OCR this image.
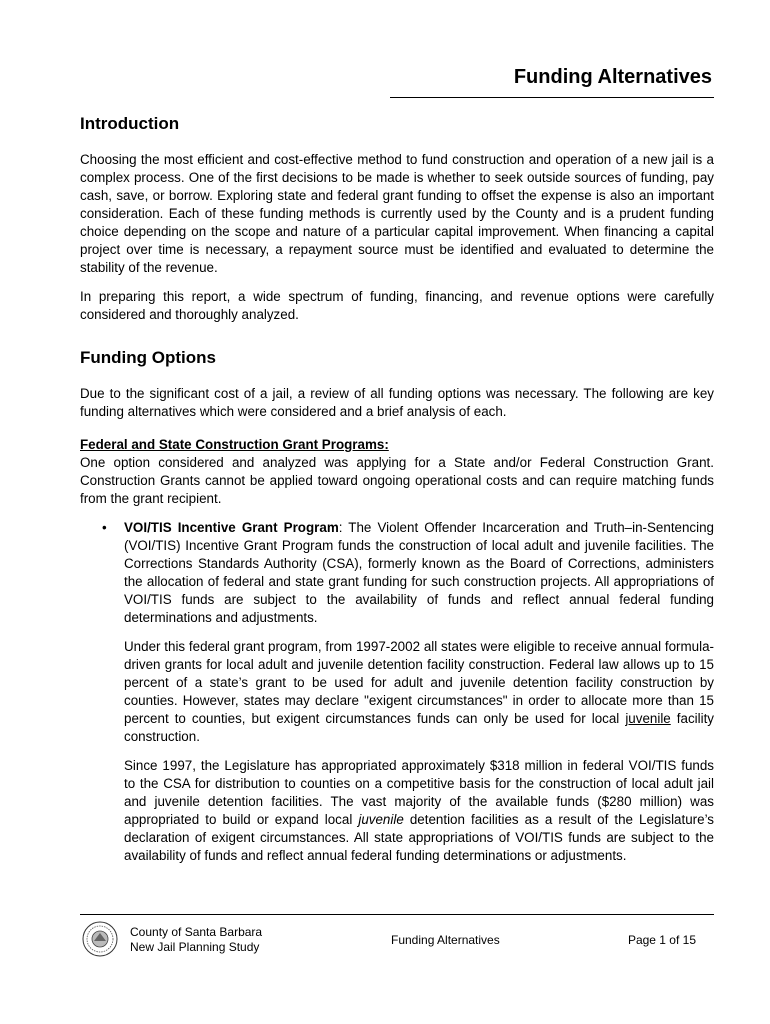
Funding Alternatives
Introduction

Choosing the most efficient and cost-effective method to fund construction and operation of a new jail is a complex process. One of the first decisions to be made is whether to seek outside sources of funding, pay cash, save, or borrow. Exploring state and federal grant funding to offset the expense is also an important consideration. Each of these funding methods is currently used by the County and is a prudent funding choice depending on the scope and nature of a particular capital improvement. When financing a capital project over time is necessary, a repayment source must be identified and evaluated to determine the stability of the revenue.

In preparing this report, a wide spectrum of funding, financing, and revenue options were carefully considered and thoroughly analyzed.

Funding Options

Due to the significant cost of a jail, a review of all funding options was necessary. The following are key funding alternatives which were considered and a brief analysis of each.

Federal and State Construction Grant Programs:

One option considered and analyzed was applying for a State and/or Federal Construction Grant. Construction Grants cannot be applied toward ongoing operational costs and can require matching funds from the grant recipient.

• VOI/TIS Incentive Grant Program: The Violent Offender Incarceration and Truth–in-Sentencing (VOI/TIS) Incentive Grant Program funds the construction of local adult and juvenile facilities. The Corrections Standards Authority (CSA), formerly known as the Board of Corrections, administers the allocation of federal and state grant funding for such construction projects. All appropriations of VOI/TIS funds are subject to the availability of funds and reflect annual federal funding determinations and adjustments.

Under this federal grant program, from 1997-2002 all states were eligible to receive annual formula-driven grants for local adult and juvenile detention facility construction. Federal law allows up to 15 percent of a state’s grant to be used for adult and juvenile detention facility construction by counties. However, states may declare "exigent circumstances" in order to allocate more than 15 percent to counties, but exigent circumstances funds can only be used for local juvenile facility construction.

Since 1997, the Legislature has appropriated approximately $318 million in federal VOI/TIS funds to the CSA for distribution to counties on a competitive basis for the construction of local adult jail and juvenile detention facilities. The vast majority of the available funds ($280 million) was appropriated to build or expand local juvenile detention facilities as a result of the Legislature’s declaration of exigent circumstances. All state appropriations of VOI/TIS funds are subject to the availability of funds and reflect annual federal funding determinations or adjustments.

County of Santa Barbara
New Jail Planning Study	Funding Alternatives	Page 1 of 15
